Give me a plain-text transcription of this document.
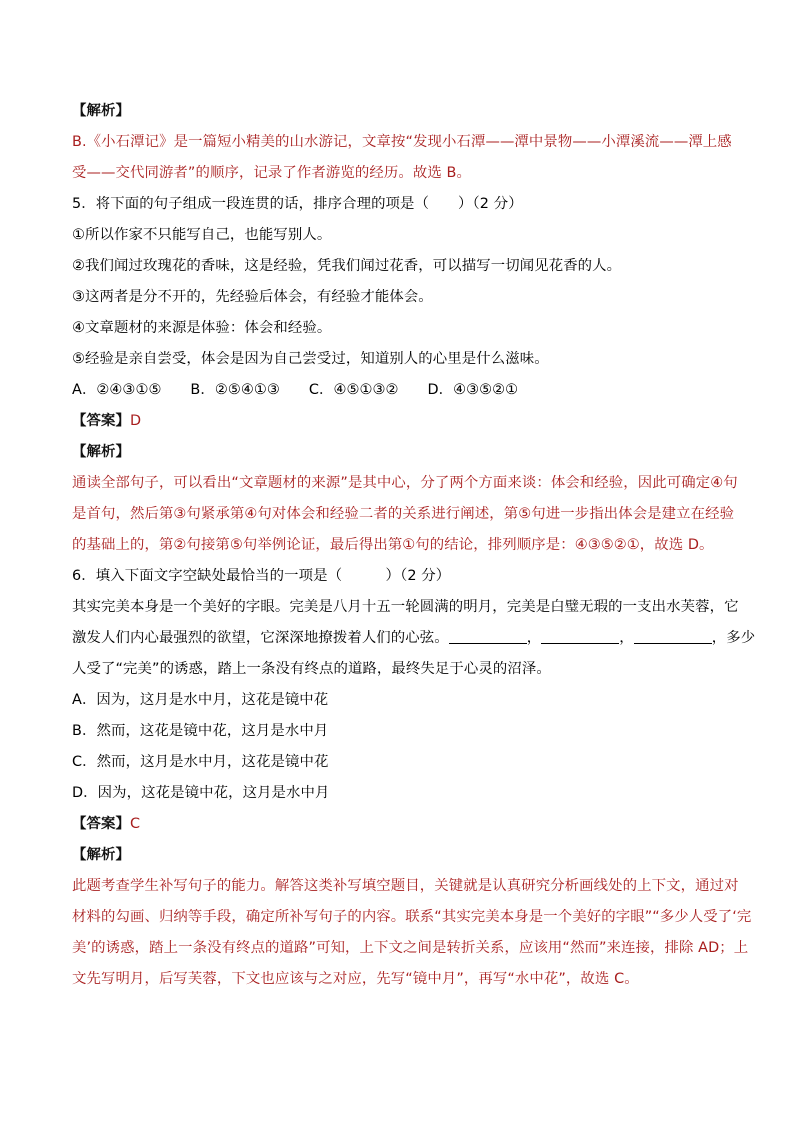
【解析】
B.《小石潭记》是一篇短小精美的山水游记，文章按“发现小石潭——潭中景物——小潭溪流——潭上感
受——交代同游者”的顺序，记录了作者游览的经历。故选 B。
5．将下面的句子组成一段连贯的话，排序合理的项是（　　）（2 分）
①所以作家不只能写自己，也能写别人。
②我们闻过玫瑰花的香味，这是经验，凭我们闻过花香，可以描写一切闻见花香的人。
③这两者是分不开的，先经验后体会，有经验才能体会。
④文章题材的来源是体验：体会和经验。
⑤经验是亲自尝受，体会是因为自己尝受过，知道别人的心里是什么滋味。
A．②④③①⑤　　B．②⑤④①③　　C．④⑤①③②　　D．④③⑤②①
【答案】D
【解析】
通读全部句子，可以看出“文章题材的来源”是其中心，分了两个方面来谈：体会和经验，因此可确定④句
是首句，然后第③句紧承第④句对体会和经验二者的关系进行阐述，第⑤句进一步指出体会是建立在经验
的基础上的，第②句接第⑤句举例论证，最后得出第①句的结论，排列顺序是：④③⑤②①，故选 D。
6．填入下面文字空缺处最恰当的一项是（　　　）（2 分）
其实完美本身是一个美好的字眼。完美是八月十五一轮圆满的明月，完美是白璧无瑕的一支出水芙蓉，它
激发人们内心最强烈的欲望，它深深地撩拨着人们的心弦。	，	，	，多少
人受了“完美”的诱惑，踏上一条没有终点的道路，最终失足于心灵的沼泽。
A．因为，这月是水中月，这花是镜中花
B．然而，这花是镜中花，这月是水中月
C．然而，这月是水中月，这花是镜中花
D．因为，这花是镜中花，这月是水中月
【答案】C
【解析】
此题考查学生补写句子的能力。解答这类补写填空题目，关键就是认真研究分析画线处的上下文，通过对
材料的勾画、归纳等手段，确定所补写句子的内容。联系“其实完美本身是一个美好的字眼”“多少人受了‘完
美’的诱惑，踏上一条没有终点的道路”可知，上下文之间是转折关系，应该用“然而”来连接，排除 AD；上
文先写明月，后写芙蓉，下文也应该与之对应，先写“镜中月”，再写“水中花”，故选 C。
